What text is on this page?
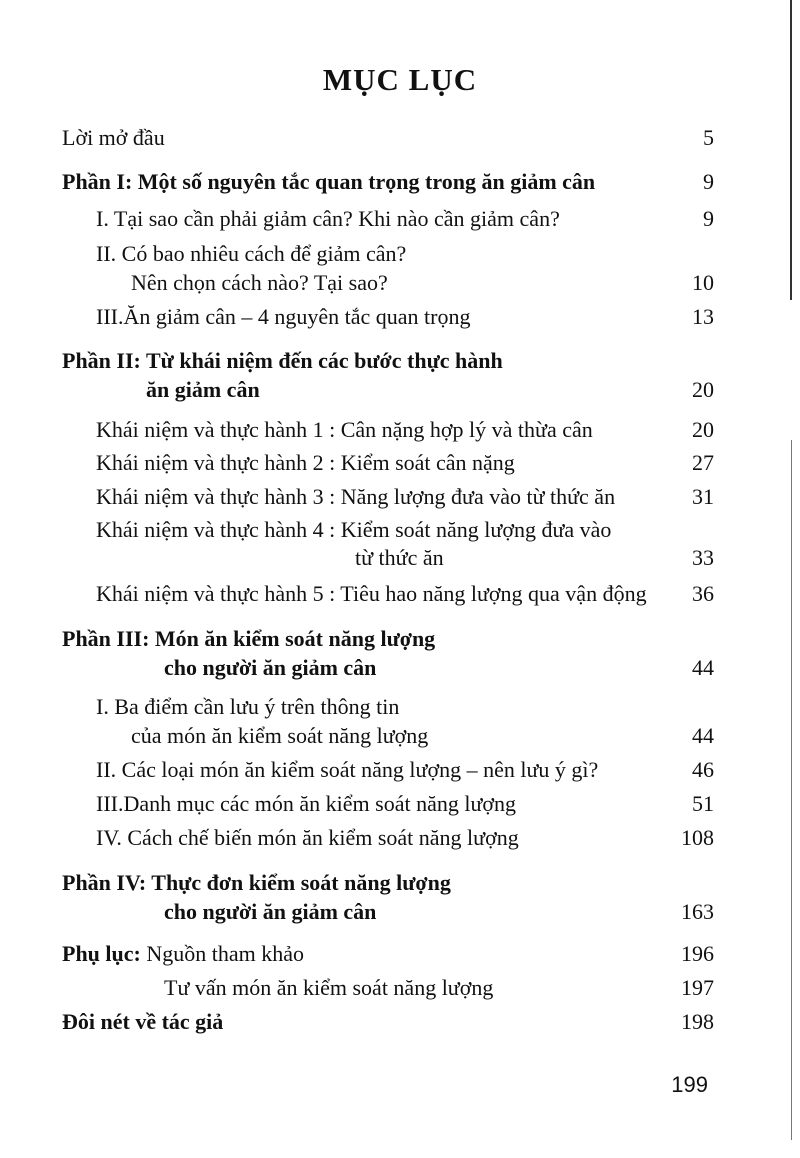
MỤC LỤC
Lời mở đầu	5
Phần I: Một số nguyên tắc quan trọng trong ăn giảm cân	9
I. Tại sao cần phải giảm cân? Khi nào cần giảm cân?	9
II. Có bao nhiêu cách để giảm cân?
Nên chọn cách nào? Tại sao?	10
III.Ăn giảm cân – 4 nguyên tắc quan trọng	13
Phần II: Từ khái niệm đến các bước thực hành
ăn giảm cân	20
Khái niệm và thực hành 1 : Cân nặng hợp lý và thừa cân	20
Khái niệm và thực hành 2 : Kiểm soát cân nặng	27
Khái niệm và thực hành 3 : Năng lượng đưa vào từ thức ăn	31
Khái niệm và thực hành 4 : Kiểm soát năng lượng đưa vào
từ thức ăn	33
Khái niệm và thực hành 5 : Tiêu hao năng lượng qua vận động 36
Phần III: Món ăn kiểm soát năng lượng
cho người ăn giảm cân	44
I. Ba điểm cần lưu ý trên thông tin
của món ăn kiểm soát năng lượng	44
II. Các loại món ăn kiểm soát năng lượng – nên lưu ý gì?	46
III.Danh mục các món ăn kiểm soát năng lượng	51
IV. Cách chế biến món ăn kiểm soát năng lượng	108
Phần IV: Thực đơn kiểm soát năng lượng
cho người ăn giảm cân	163
Phụ lục: Nguồn tham khảo	196
Tư vấn món ăn kiểm soát năng lượng	197
Đôi nét về tác giả	198
199
